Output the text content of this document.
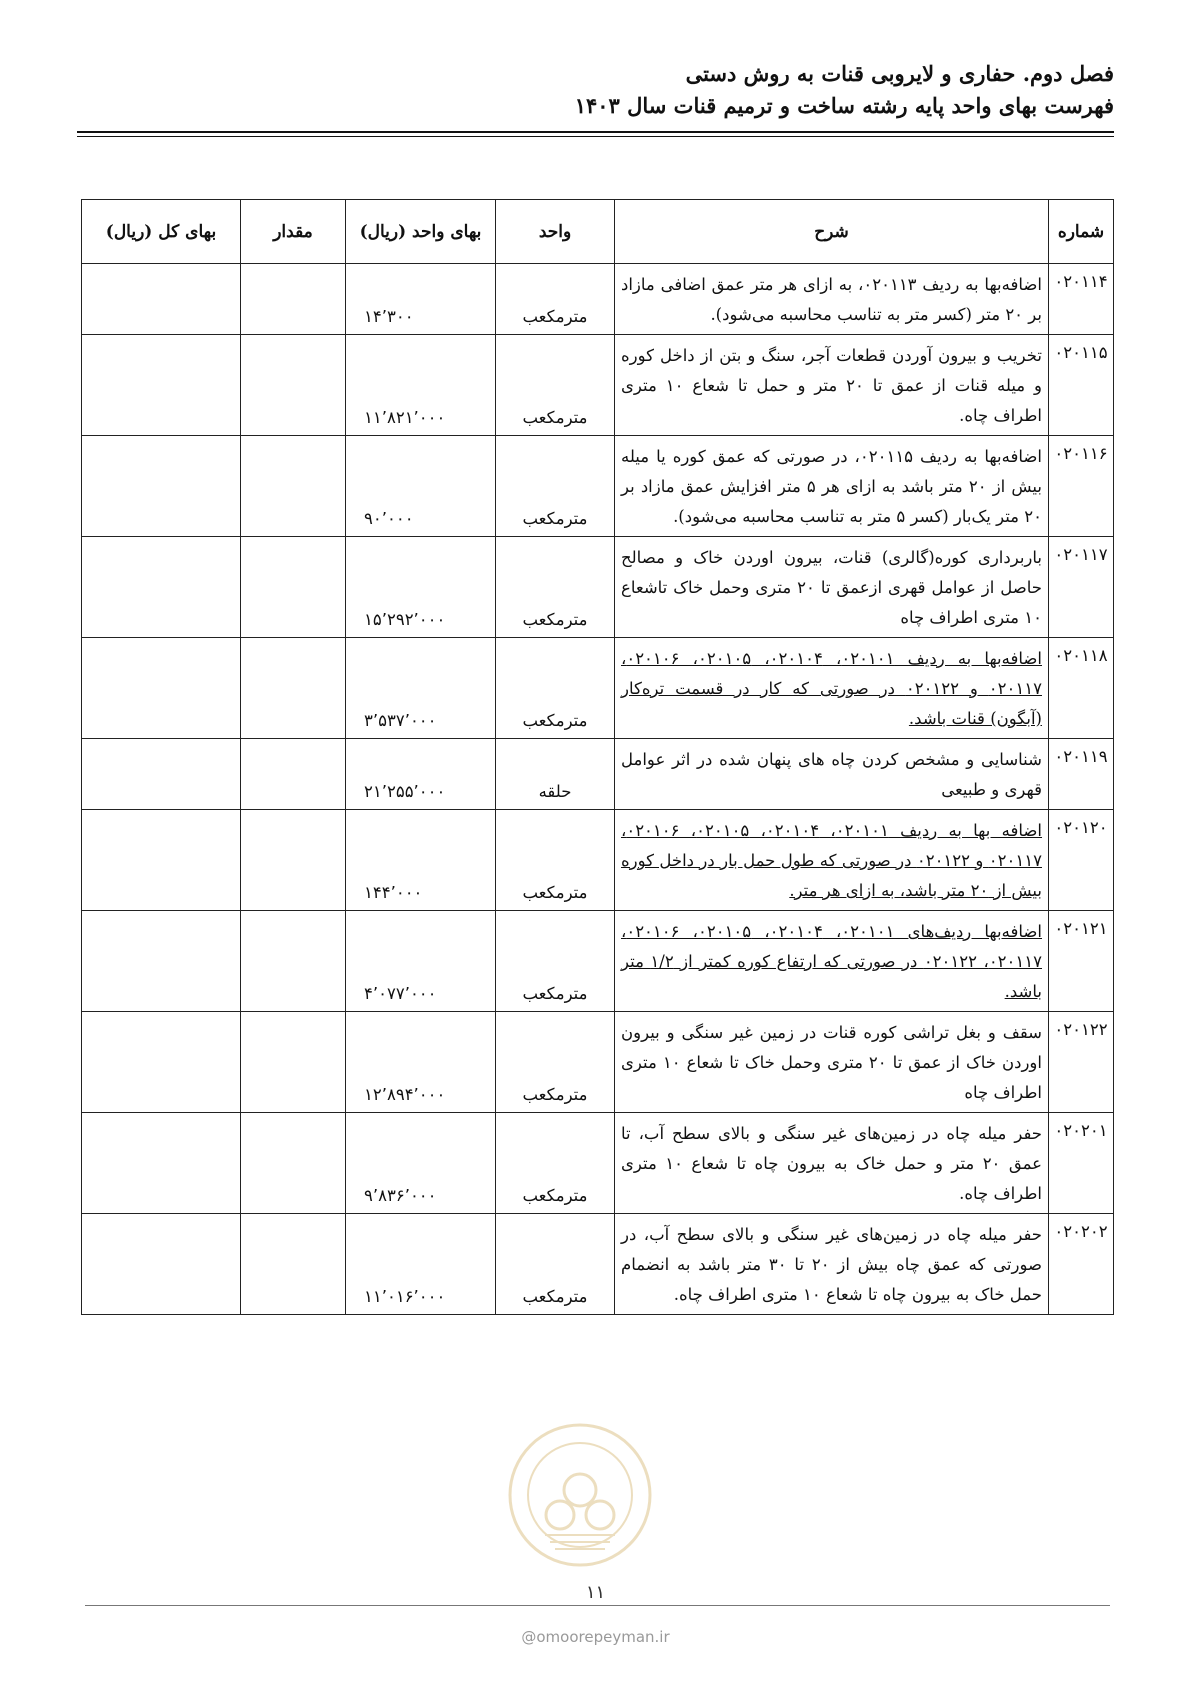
فصل دوم. حفاری و لایروبی قنات به روش دستی
فهرست بهای واحد پایه رشته ساخت و ترمیم قنات سال ۱۴۰۳
شماره	شرح	واحد	بهای واحد (ریال)	مقدار	بهای کل (ریال)
۰۲۰۱۱۴	اضافه‌بها به ردیف ۰۲۰۱۱۳، به ازای هر متر عمق اضافی مازاد بر ۲۰ متر (کسر متر به تناسب محاسبه می‌شود).	مترمکعب	۱۴٬۳۰۰		
۰۲۰۱۱۵	تخریب و بیرون آوردن قطعات آجر، سنگ و بتن از داخل کوره و میله قنات از عمق تا ۲۰ متر و حمل تا شعاع ۱۰ متری اطراف چاه.	مترمکعب	۱۱٬۸۲۱٬۰۰۰		
۰۲۰۱۱۶	اضافه‌بها به ردیف ۰۲۰۱۱۵، در صورتی که عمق کوره یا میله بیش از ۲۰ متر باشد به ازای هر ۵ متر افزایش عمق مازاد بر ۲۰ متر یک‌بار (کسر ۵ متر به تناسب محاسبه می‌شود).	مترمکعب	۹۰٬۰۰۰		
۰۲۰۱۱۷	باربرداری کوره(گالری) قنات، بیرون اوردن خاک و مصالح حاصل از عوامل قهری ازعمق تا ۲۰ متری وحمل خاک تاشعاع ۱۰ متری اطراف چاه	مترمکعب	۱۵٬۲۹۲٬۰۰۰		
۰۲۰۱۱۸	اضافه‌بها به ردیف ۰۲۰۱۰۱، ۰۲۰۱۰۴، ۰۲۰۱۰۵، ۰۲۰۱۰۶، ۰۲۰۱۱۷ و ۰۲۰۱۲۲ در صورتی که کار در قسمت تره‌کار (آبگون) قنات باشد.	مترمکعب	۳٬۵۳۷٬۰۰۰		
۰۲۰۱۱۹	شناسایی و مشخص کردن چاه های پنهان شده در اثر عوامل قهری و طبیعی	حلقه	۲۱٬۲۵۵٬۰۰۰		
۰۲۰۱۲۰	اضافه بها به ردیف ۰۲۰۱۰۱، ۰۲۰۱۰۴، ۰۲۰۱۰۵، ۰۲۰۱۰۶، ۰۲۰۱۱۷ و ۰۲۰۱۲۲ در صورتی که طول حمل بار در داخل کوره بیش از ۲۰ متر باشد، به ازای هر متر.	مترمکعب	۱۴۴٬۰۰۰		
۰۲۰۱۲۱	اضافه‌بها ردیف‌های ۰۲۰۱۰۱، ۰۲۰۱۰۴، ۰۲۰۱۰۵، ۰۲۰۱۰۶، ۰۲۰۱۱۷، ۰۲۰۱۲۲ در صورتی که ارتفاع کوره کمتر از ۱/۲ متر باشد.	مترمکعب	۴٬۰۷۷٬۰۰۰		
۰۲۰۱۲۲	سقف و بغل تراشی کوره قنات در زمین غیر سنگی و بیرون اوردن خاک از عمق تا ۲۰ متری وحمل خاک تا شعاع ۱۰ متری اطراف چاه	مترمکعب	۱۲٬۸۹۴٬۰۰۰		
۰۲۰۲۰۱	حفر میله چاه در زمین‌های غیر سنگی و بالای سطح آب، تا عمق ۲۰ متر و حمل خاک به بیرون چاه تا شعاع ۱۰ متری اطراف چاه.	مترمکعب	۹٬۸۳۶٬۰۰۰		
۰۲۰۲۰۲	حفر میله چاه در زمین‌های غیر سنگی و بالای سطح آب، در صورتی که عمق چاه بیش از ۲۰ تا ۳۰ متر باشد به انضمام حمل خاک به بیرون چاه تا شعاع ۱۰ متری اطراف چاه.	مترمکعب	۱۱٬۰۱۶٬۰۰۰		
۱۱
@omoorepeyman.ir
